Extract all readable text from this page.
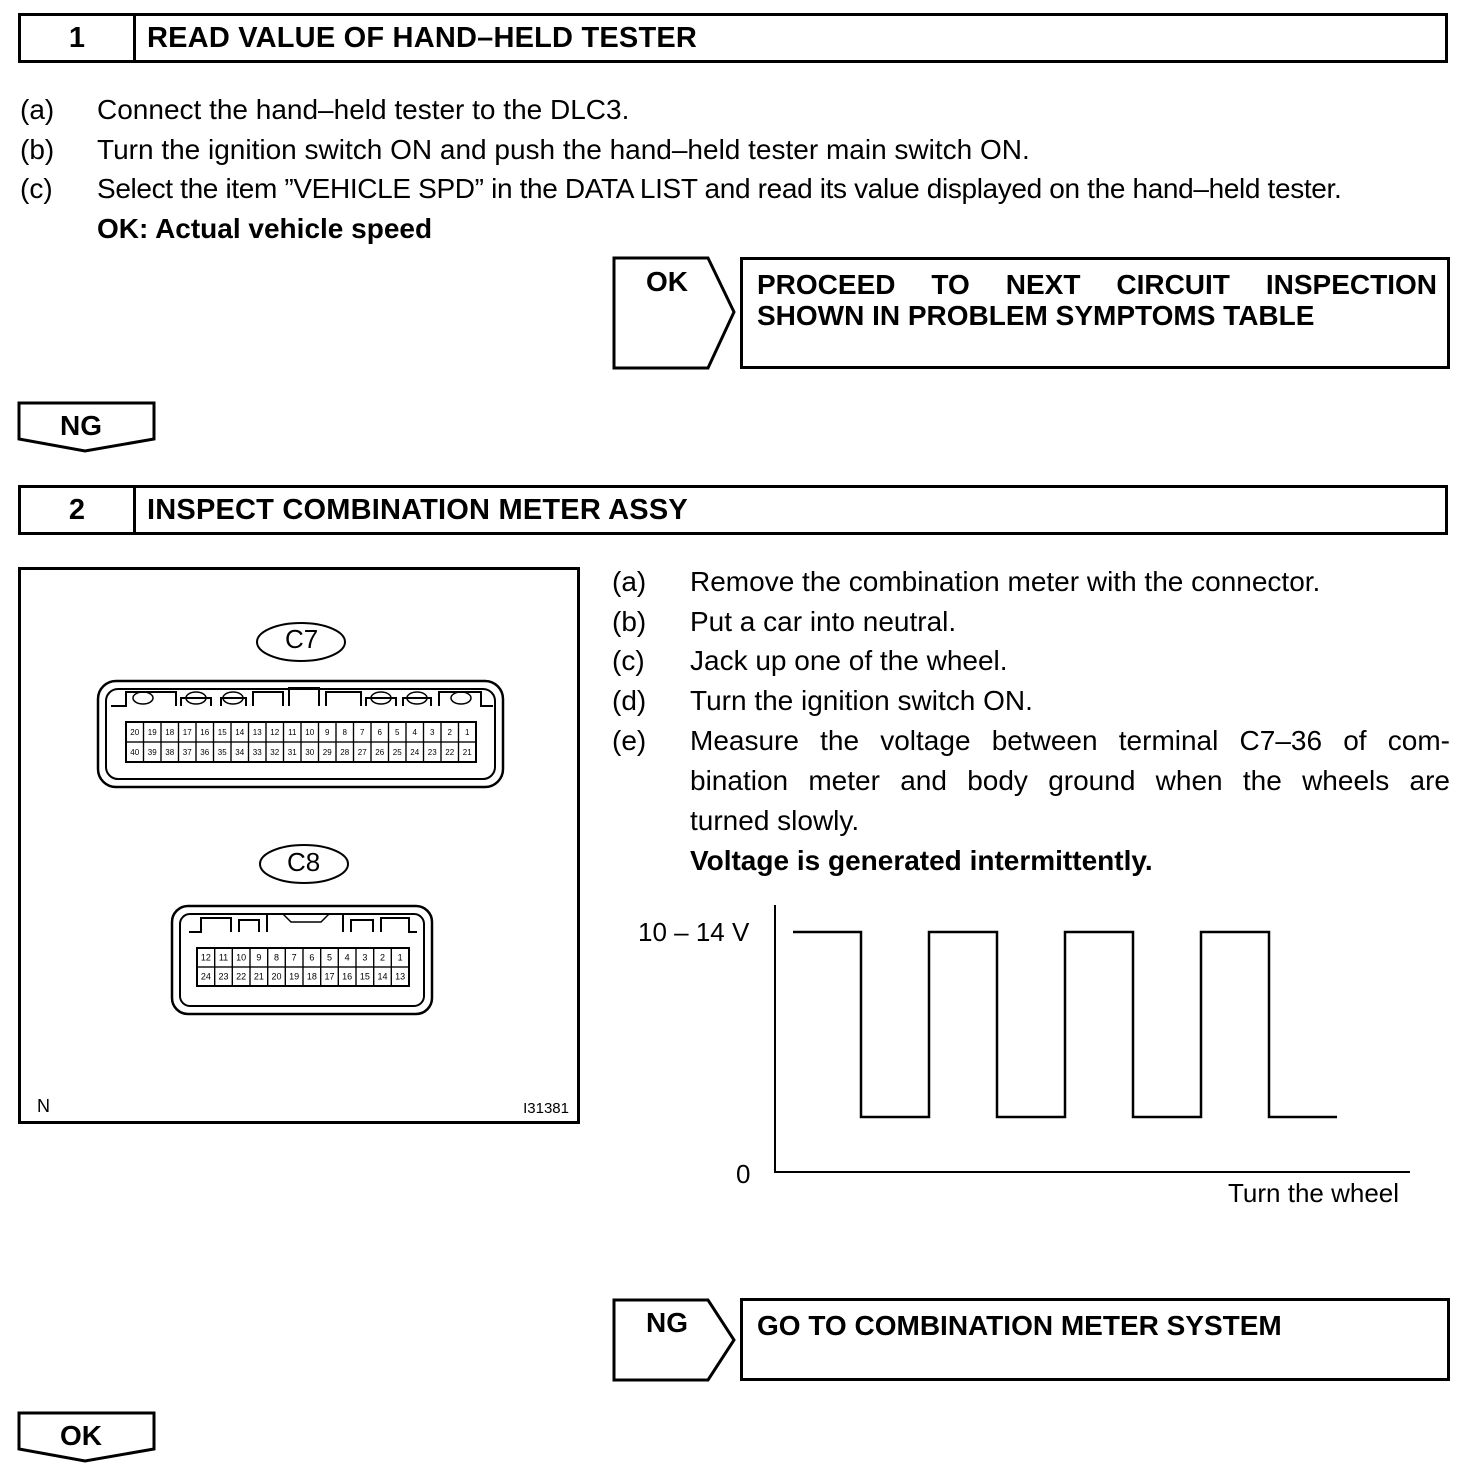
1	READ VALUE OF HAND–HELD TESTER
(a) Connect the hand–held tester to the DLC3.
(b) Turn the ignition switch ON and push the hand–held tester main switch ON.
(c) Select the item ”VEHICLE SPD” in the DATA LIST and read its value displayed on the hand–held tester.
OK: Actual vehicle speed
OK PROCEED TO NEXT CIRCUIT INSPECTION
SHOWN IN PROBLEM SYMPTOMS TABLE
NG
2	INSPECT COMBINATION METER ASSY
20 19 18 17 16 15 14 13 12 11 10 9 8 7 6 5 4 3 2 1
40 39 38 37 36 35 34 33 32 31 30 29 28 27 26 25 24 23 22 21
12 11 10 9 8 7 6 5 4 3 2 1
24 23 22 21 20 19 18 17 16 15 14 13
C7
C8
N	I31381
(a) Remove the combination meter with the connector.
(b) Put a car into neutral.
(c) Jack up one of the wheel.
(d) Turn the ignition switch ON.
(e) Measure the voltage between terminal C7–36 of com-
bination meter and body ground when the wheels are
turned slowly.
Voltage is generated intermittently.
10 – 14 V
0
Turn the wheel
NG GO TO COMBINATION METER SYSTEM
OK
